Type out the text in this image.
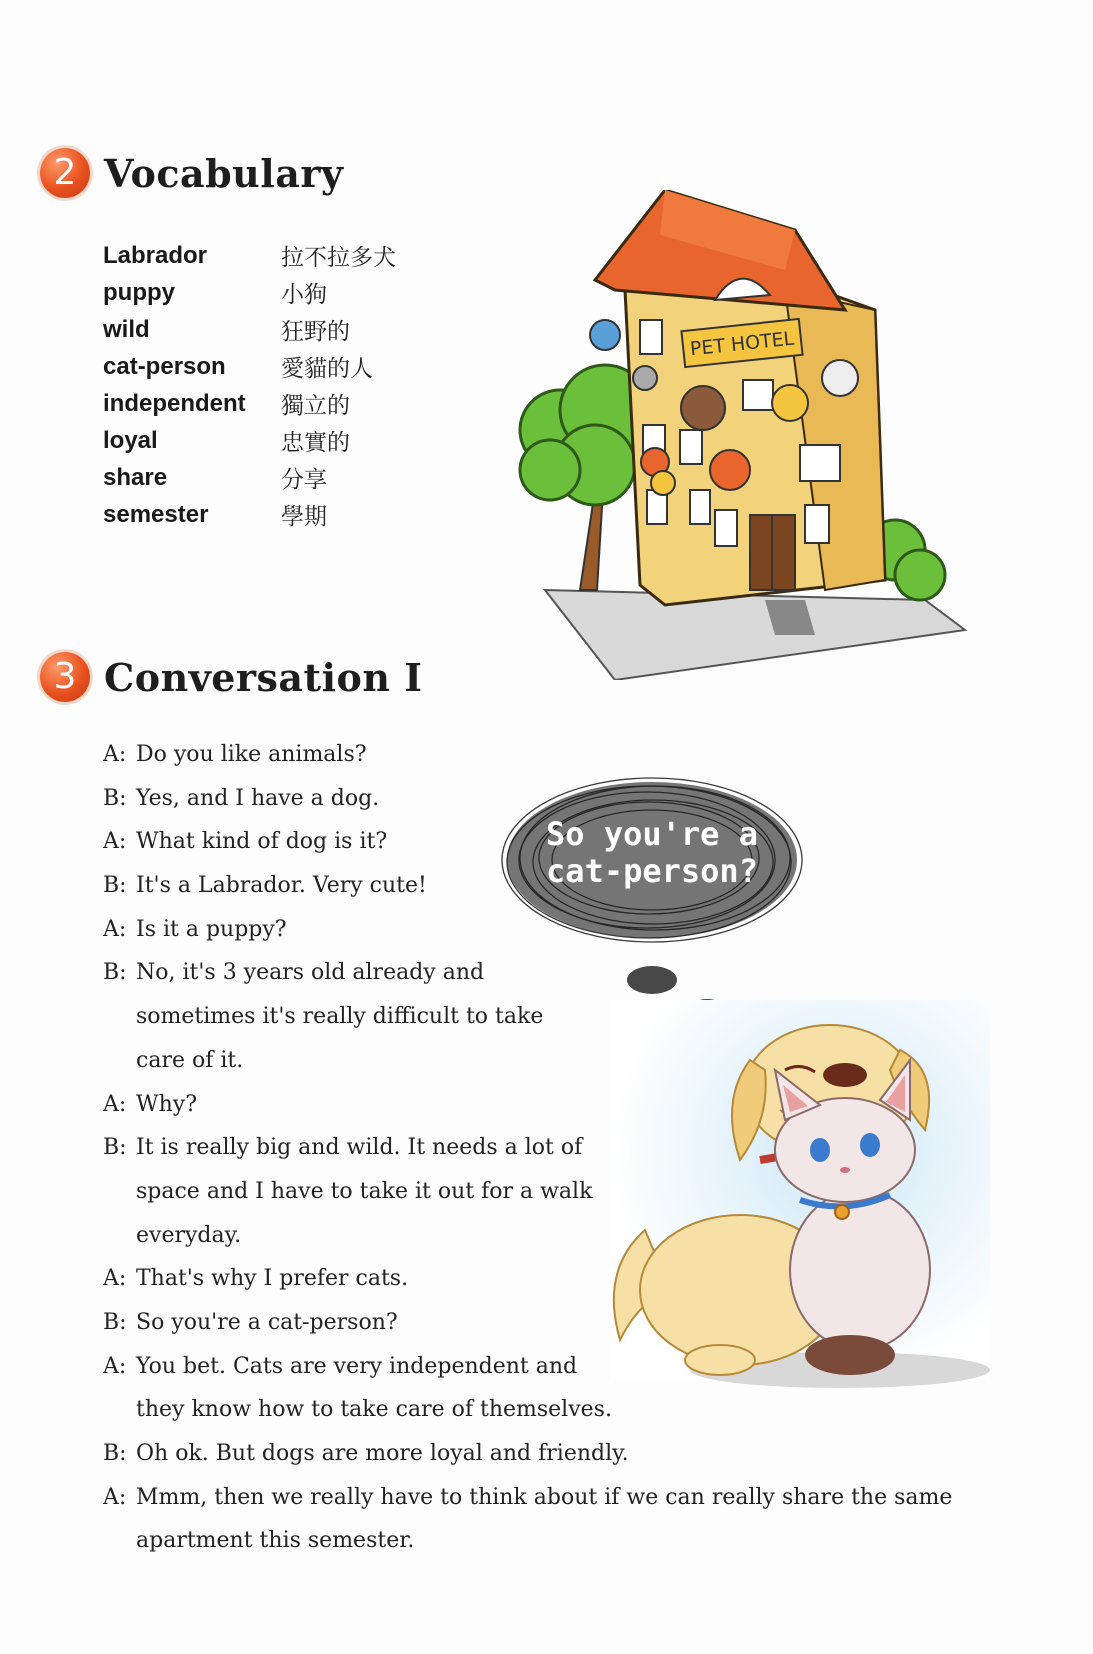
2 Vocabulary
Labrador	拉不拉多犬
puppy	小狗
wild	狂野的
cat-person	愛貓的人
independent	獨立的
loyal	忠實的
share	分享
semester	學期
PET HOTEL
3 Conversation I
So you're a
cat-person?
A: Do you like animals?
B: Yes, and I have a dog.
A: What kind of dog is it?
B: It's a Labrador. Very cute!
A: Is it a puppy?
B: No, it's 3 years old already and
sometimes it's really difficult to take
care of it.
A: Why?
B: It is really big and wild. It needs a lot of
space and I have to take it out for a walk
everyday.
A: That's why I prefer cats.
B: So you're a cat-person?
A: You bet. Cats are very independent and
they know how to take care of themselves.
B: Oh ok. But dogs are more loyal and friendly.
A: Mmm, then we really have to think about if we can really share the same
apartment this semester.
